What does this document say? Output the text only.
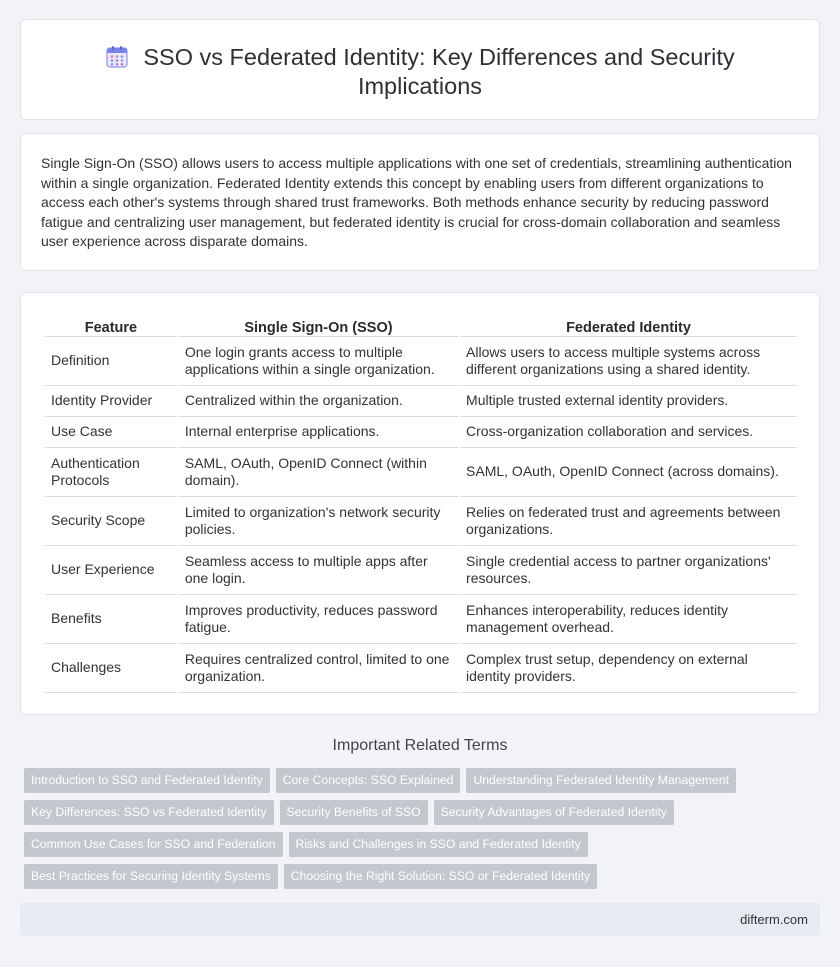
SSO vs Federated Identity: Key Differences and Security Implications

Single Sign-On (SSO) allows users to access multiple applications with one set of credentials, streamlining authentication within a single organization. Federated Identity extends this concept by enabling users from different organizations to access each other's systems through shared trust frameworks. Both methods enhance security by reducing password fatigue and centralizing user management, but federated identity is crucial for cross-domain collaboration and seamless user experience across disparate domains.

Feature	Single Sign-On (SSO)	Federated Identity
Definition	One login grants access to multiple applications within a single organization.	Allows users to access multiple systems across different organizations using a shared identity.
Identity Provider	Centralized within the organization.	Multiple trusted external identity providers.
Use Case	Internal enterprise applications.	Cross-organization collaboration and services.
Authentication Protocols	SAML, OAuth, OpenID Connect (within domain).	SAML, OAuth, OpenID Connect (across domains).
Security Scope	Limited to organization's network security policies.	Relies on federated trust and agreements between organizations.
User Experience	Seamless access to multiple apps after one login.	Single credential access to partner organizations' resources.
Benefits	Improves productivity, reduces password fatigue.	Enhances interoperability, reduces identity management overhead.
Challenges	Requires centralized control, limited to one organization.	Complex trust setup, dependency on external identity providers.
Important Related Terms
Introduction to SSO and Federated Identity Core Concepts: SSO Explained Understanding Federated Identity Management
Key Differences: SSO vs Federated Identity Security Benefits of SSO Security Advantages of Federated Identity
Common Use Cases for SSO and Federation Risks and Challenges in SSO and Federated Identity
Best Practices for Securing Identity Systems Choosing the Right Solution: SSO or Federated Identity
difterm.com
